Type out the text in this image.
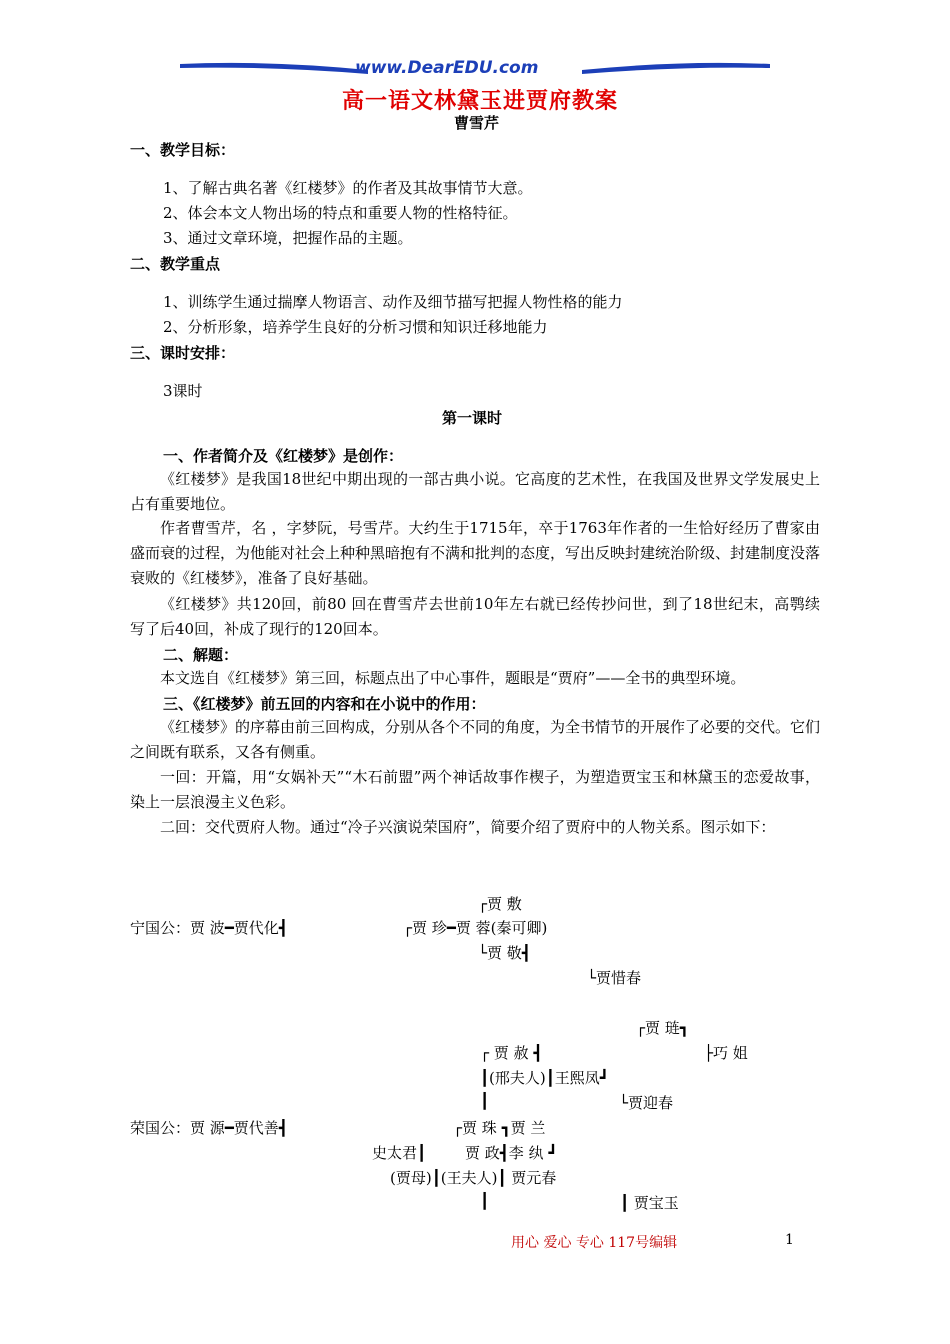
www.DearEDU.com
高一语文林黛玉进贾府教案
曹雪芹
一、教学目标：
1、了解古典名著《红楼梦》的作者及其故事情节大意。
2、体会本文人物出场的特点和重要人物的性格特征。
3、通过文章环境，把握作品的主题。
二、教学重点
1、训练学生通过揣摩人物语言、动作及细节描写把握人物性格的能力
2、分析形象，培养学生良好的分析习惯和知识迁移地能力
三、课时安排：
3课时
第一课时
一、作者简介及《红楼梦》是创作：
《红楼梦》是我国18世纪中期出现的一部古典小说。它高度的艺术性，在我国及世界文学发展史上占有重要地位。
作者曹雪芹，名 ，字梦阮，号雪芹。大约生于1715年，卒于1763年作者的一生恰好经历了曹家由盛而衰的过程，为他能对社会上种种黑暗抱有不满和批判的态度，写出反映封建统治阶级、封建制度没落衰败的《红楼梦》，准备了良好基础。
《红楼梦》共120回，前80 回在曹雪芹去世前10年左右就已经传抄问世，到了18世纪末，高鹗续写了后40回，补成了现行的120回本。
二、解题：
本文选自《红楼梦》第三回，标题点出了中心事件，题眼是“贾府”——全书的典型环境。
三、《红楼梦》前五回的内容和在小说中的作用：
《红楼梦》的序幕由前三回构成，分别从各个不同的角度，为全书情节的开展作了必要的交代。它们之间既有联系，又各有侧重。
一回：开篇，用“女娲补天”“木石前盟”两个神话故事作楔子，为塑造贾宝玉和林黛玉的恋爱故事，染上一层浪漫主义色彩。
二回：交代贾府人物。通过“冷子兴演说荣国府”，简要介绍了贾府中的人物关系。图示如下：
┌贾 敷
宁国公：贾 波━贾代化┫	┌贾 珍━贾 蓉(秦可卿)
└贾 敬┫
└贾惜春
┌贾 琏┓
┌ 贾 赦 ┫	├巧 姐
┃(邢夫人)┃王熙凤┛
┃	└贾迎春
荣国公：贾 源━贾代善┫	┌贾 珠 ┓贾 兰
史太君┃	贾 政┫李 纨 ┛
(贾母)┃(王夫人)┃ 贾元春
┃	┃ 贾宝玉
用心 爱心 专心 117号编辑	1
